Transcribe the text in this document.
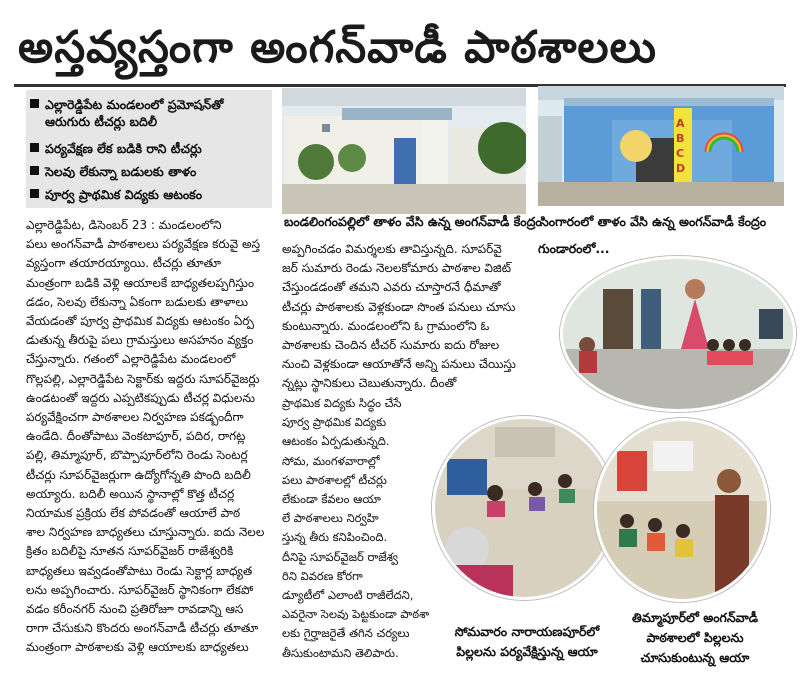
అస్తవ్యస్తంగా అంగన్‌వాడీ పాఠశాలలు
ఎల్లారెడ్డిపేట మండలంలో ప్రమోషన్‌తో
ఆరుగురు టీచర్లు బదిలీ
పర్యవేక్షణ లేక బడికి రాని టీచర్లు
సెలవు లేకున్నా బడులకు తాళం
పూర్వ ప్రాథమిక విద్యకు ఆటంకం
బండలింగంపల్లిలో తాళం వేసి ఉన్న అంగన్‌వాడీ కేంద్రం
ABCD
సింగారంలో తాళం వేసి ఉన్న అంగన్‌వాడీ కేంద్రం

ఎల్లారెడ్డిపేట, డిసెంబర్ 23 : మండలంలోని

పలు అంగన్‌వాడీ పాఠశాలలు పర్యవేక్షణ కరువై అస్త

వ్యస్తంగా తయారయ్యాయి. టీచర్లు తూతూ

మంత్రంగా బడికి వెళ్లి ఆయాలకే బాధ్యతలప్పగిస్తుం

డడం, సెలవు లేకున్నా ఏకంగా బడులకు తాళాలు

వేయడంతో పూర్వ ప్రాథమిక విద్యకు ఆటంకం ఏర్ప

డుతున్న తీరుపై పలు గ్రామస్తులు అసహనం వ్యక్తం

చేస్తున్నారు. గతంలో ఎల్లారెడ్డిపేట మండలంలో

గొల్లపల్లి, ఎల్లారెడ్డిపేట సెక్టార్‌కు ఇద్దరు సూపర్‌వైజర్లు

ఉండటంతో ఇద్దరు ఎప్పటికప్పుడు టీచర్ల విధులను

పర్యవేక్షించగా పాఠశాలల నిర్వహణ పకడ్బందీగా

ఉండేది. దీంతోపాటు వెంకటాపూర్, పదిర, రాగట్ల

పల్లి, తిమ్మాపూర్, బొప్పాపూర్‌లోని రెండు సెంటర్ల

టీచర్లు సూపర్‌వైజర్లుగా ఉద్యోగోన్నతి పొంది బదిలీ

అయ్యారు. బదిలీ అయిన స్థానాల్లో కొత్త టీచర్ల

నియామక ప్రక్రియ లేక పోవడంతో ఆయాలే పాఠ

శాల నిర్వహణ బాధ్యతలు చూస్తున్నారు. ఐదు నెలల

క్రితం బదిలీపై నూతన సూపర్‌వైజర్ రాజేశ్వరికి

బాధ్యతలు ఇవ్వడంతోపాటు రెండు సెక్టార్ల బాధ్యత

లను అప్పగించారు. సూపర్‌వైజర్ స్థానికంగా లేకపో

వడం కరీంనగర్ నుంచి ప్రతిరోజూ రావడాన్ని ఆస

రాగా చేసుకుని కొందరు అంగన్‌వాడీ టీచర్లు తూతూ

మంత్రంగా పాఠశాలకు వెళ్లి ఆయాలకు బాధ్యతలు

అప్పగించడం విమర్శలకు తావిస్తున్నది. సూపర్‌వై

జర్ సుమారు రెండు నెలలకోమారు పాఠశాల విజిట్

చేస్తుండడంతో తమని ఎవరు చూస్తారనే ధీమాతో

టీచర్లు పాఠశాలకు వెళ్లకుండా సొంత పనులు చూసు

కుంటున్నారు. మండలంలోని ఓ గ్రామంలోని ఓ

పాఠశాలకు చెందిన టీచర్ సుమారు ఐదు రోజుల

నుంచి వెళ్లకుండా ఆయాతోనే అన్ని పనులు చేయిస్తు

న్నట్లు స్థానికులు చెబుతున్నారు. దీంతో

ప్రాథమిక విద్యకు సిద్ధం చేసే

పూర్వ ప్రాథమిక విద్యకు

ఆటంకం ఏర్పడుతున్నది.

సోమ, మంగళవారాల్లో

పలు పాఠశాలల్లో టీచర్లు

లేకుండా కేవలం ఆయా

లే పాఠశాలలు నిర్వహి

స్తున్న తీరు కనిపించింది.

దీనిపై సూపర్‌వైజర్ రాజేశ్వ

రిని వివరణ కోరగా

డ్యూటీలో ఎలాంటి రాజీలేదని,

ఎవరైనా సెలవు పెట్టకుండా పాఠశా

లకు గైర్హాజరైతే తగిన చర్యలు

తీసుకుంటామని తెలిపారు.

గుండారంలో...
సోమవారం నారాయణపూర్‌లో
పిల్లలను పర్యవేక్షిస్తున్న ఆయా
తిమ్మాపూర్‌లో అంగన్‌వాడీ
పాఠశాలలో పిల్లలను
చూసుకుంటున్న ఆయా
